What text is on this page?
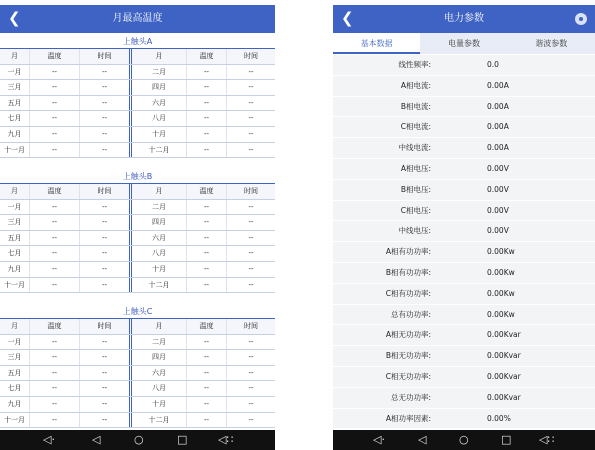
❮	月最高温度
上触头A
月	温度	时间	月	温度	时间
一月	--	--	二月	--	--
三月	--	--	四月	--	--
五月	--	--	六月	--	--
七月	--	--	八月	--	--
九月	--	--	十月	--	--
十一月	--	--	十二月	--	--
上触头B
月	温度	时间	月	温度	时间
一月	--	--	二月	--	--
三月	--	--	四月	--	--
五月	--	--	六月	--	--
七月	--	--	八月	--	--
九月	--	--	十月	--	--
十一月	--	--	十二月	--	--
上触头C
月	温度	时间	月	温度	时间
一月	--	--	二月	--	--
三月	--	--	四月	--	--
五月	--	--	六月	--	--
七月	--	--	八月	--	--
九月	--	--	十月	--	--
十一月	--	--	十二月	--	--
◁·	◁	○	□	◁∷
❮	电力参数
基本数据	电量参数	谐波参数
线性频率:	0.0
A相电流:	0.00A
B相电流:	0.00A
C相电流:	0.00A
中线电流:	0.00A
A相电压:	0.00V
B相电压:	0.00V
C相电压:	0.00V
中线电压:	0.00V
A相有功功率:	0.00Kw
B相有功功率:	0.00Kw
C相有功功率:	0.00Kw
总有功功率:	0.00Kw
A相无功功率:	0.00Kvar
B相无功功率:	0.00Kvar
C相无功功率:	0.00Kvar
总无功功率:	0.00Kvar
A相功率因素:	0.00%
◁·	◁	○	□	◁∷
